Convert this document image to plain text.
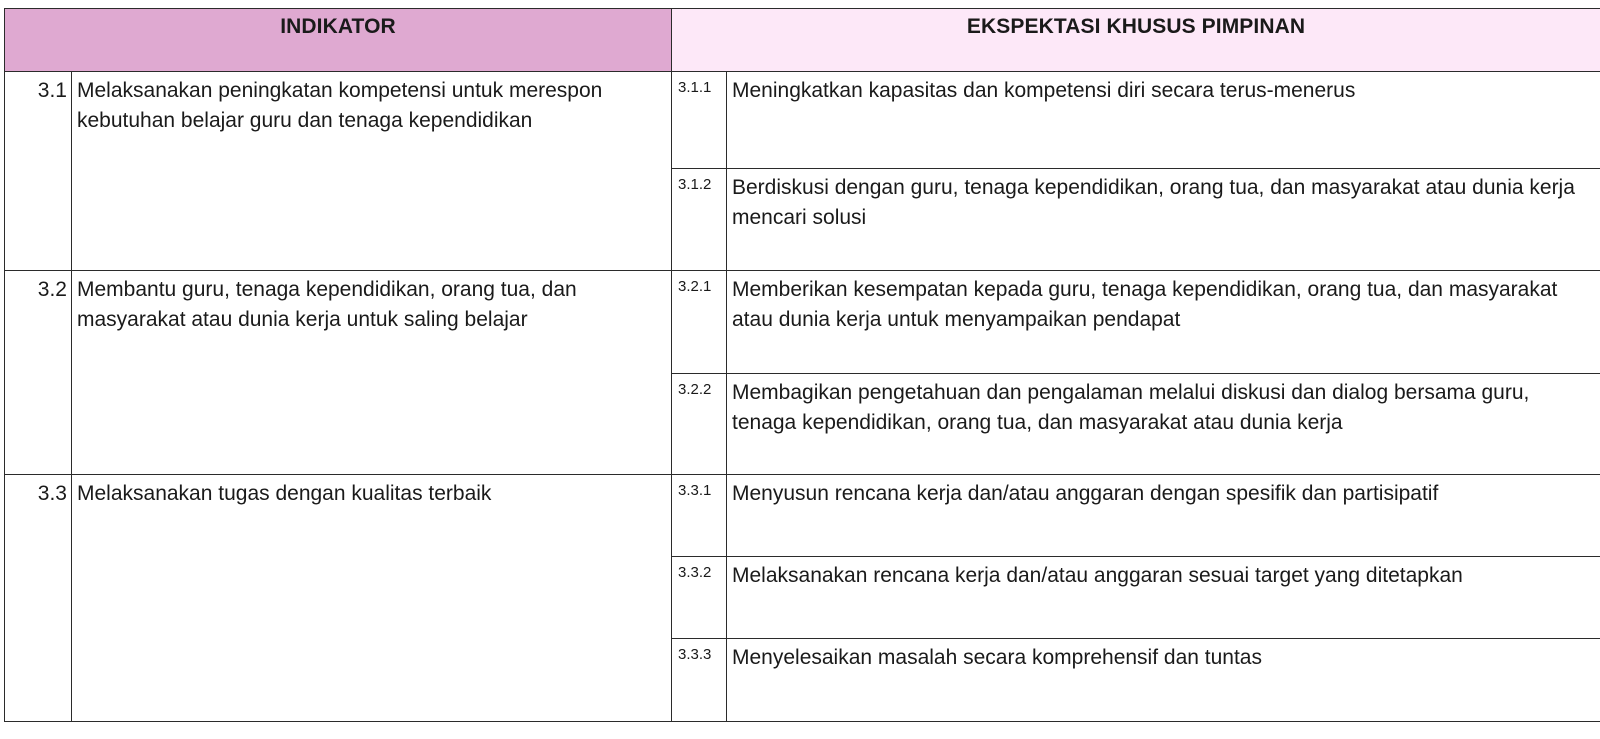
INDIKATOR		EKSPEKTASI KHUSUS PIMPINAN	
3.1	Melaksanakan peningkatan kompetensi untuk merespon kebutuhan belajar guru dan tenaga kependidikan	3.1.1	Meningkatkan kapasitas dan kompetensi diri secara terus-menerus
		3.1.2	Berdiskusi dengan guru, tenaga kependidikan, orang tua, dan masyarakat atau dunia kerja mencari solusi
3.2	Membantu guru, tenaga kependidikan, orang tua, dan masyarakat atau dunia kerja untuk saling belajar	3.2.1	Memberikan kesempatan kepada guru, tenaga kependidikan, orang tua, dan masyarakat atau dunia kerja untuk menyampaikan pendapat
		3.2.2	Membagikan pengetahuan dan pengalaman melalui diskusi dan dialog bersama guru, tenaga kependidikan, orang tua, dan masyarakat atau dunia kerja
3.3	Melaksanakan tugas dengan kualitas terbaik	3.3.1	Menyusun rencana kerja dan/atau anggaran dengan spesifik dan partisipatif
		3.3.2	Melaksanakan rencana kerja dan/atau anggaran sesuai target yang ditetapkan
		3.3.3	Menyelesaikan masalah secara komprehensif dan tuntas
